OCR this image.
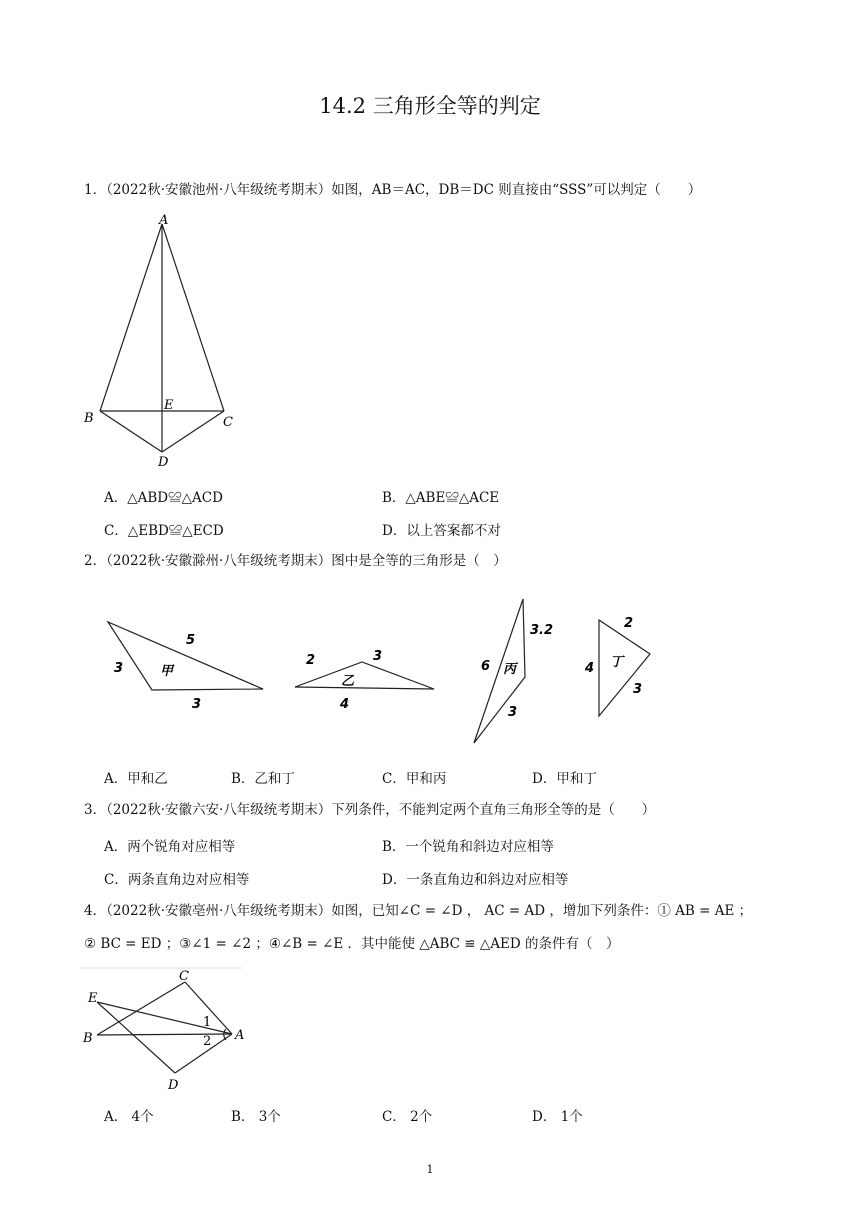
14.2 三角形全等的判定
1．（2022秋·安徽池州·八年级统考期末）如图，AB＝AC，DB＝DC 则直接由“SSS”可以判定（　　）
A
B	C
D
E
A．△ABD≌△ACD	B．△ABE≌△ACE
C．△EBD≌△ECD	D．以上答案都不对
2．（2022秋·安徽滁州·八年级统考期末）图中是全等的三角形是（　）
甲
5
3
3
乙
2	3
4
丙
3.2
6
3
丁
2
4
3
A．甲和乙	B．乙和丁	C．甲和丙	D．甲和丁
3．（2022秋·安徽六安·八年级统考期末）下列条件，不能判定两个直角三角形全等的是（　　）
A．两个锐角对应相等	B．一个锐角和斜边对应相等
C．两条直角边对应相等	D．一条直角边和斜边对应相等
4．（2022秋·安徽亳州·八年级统考期末）如图，已知∠C = ∠D ， AC = AD ，增加下列条件：① AB = AE ；
② BC = ED ；③∠1 = ∠2 ；④∠B = ∠E ．其中能使 △ABC ≌ △AED 的条件有（　）
C
E
B	A
D
1
2
A． 4个	B． 3个	C． 2个	D． 1个
1
